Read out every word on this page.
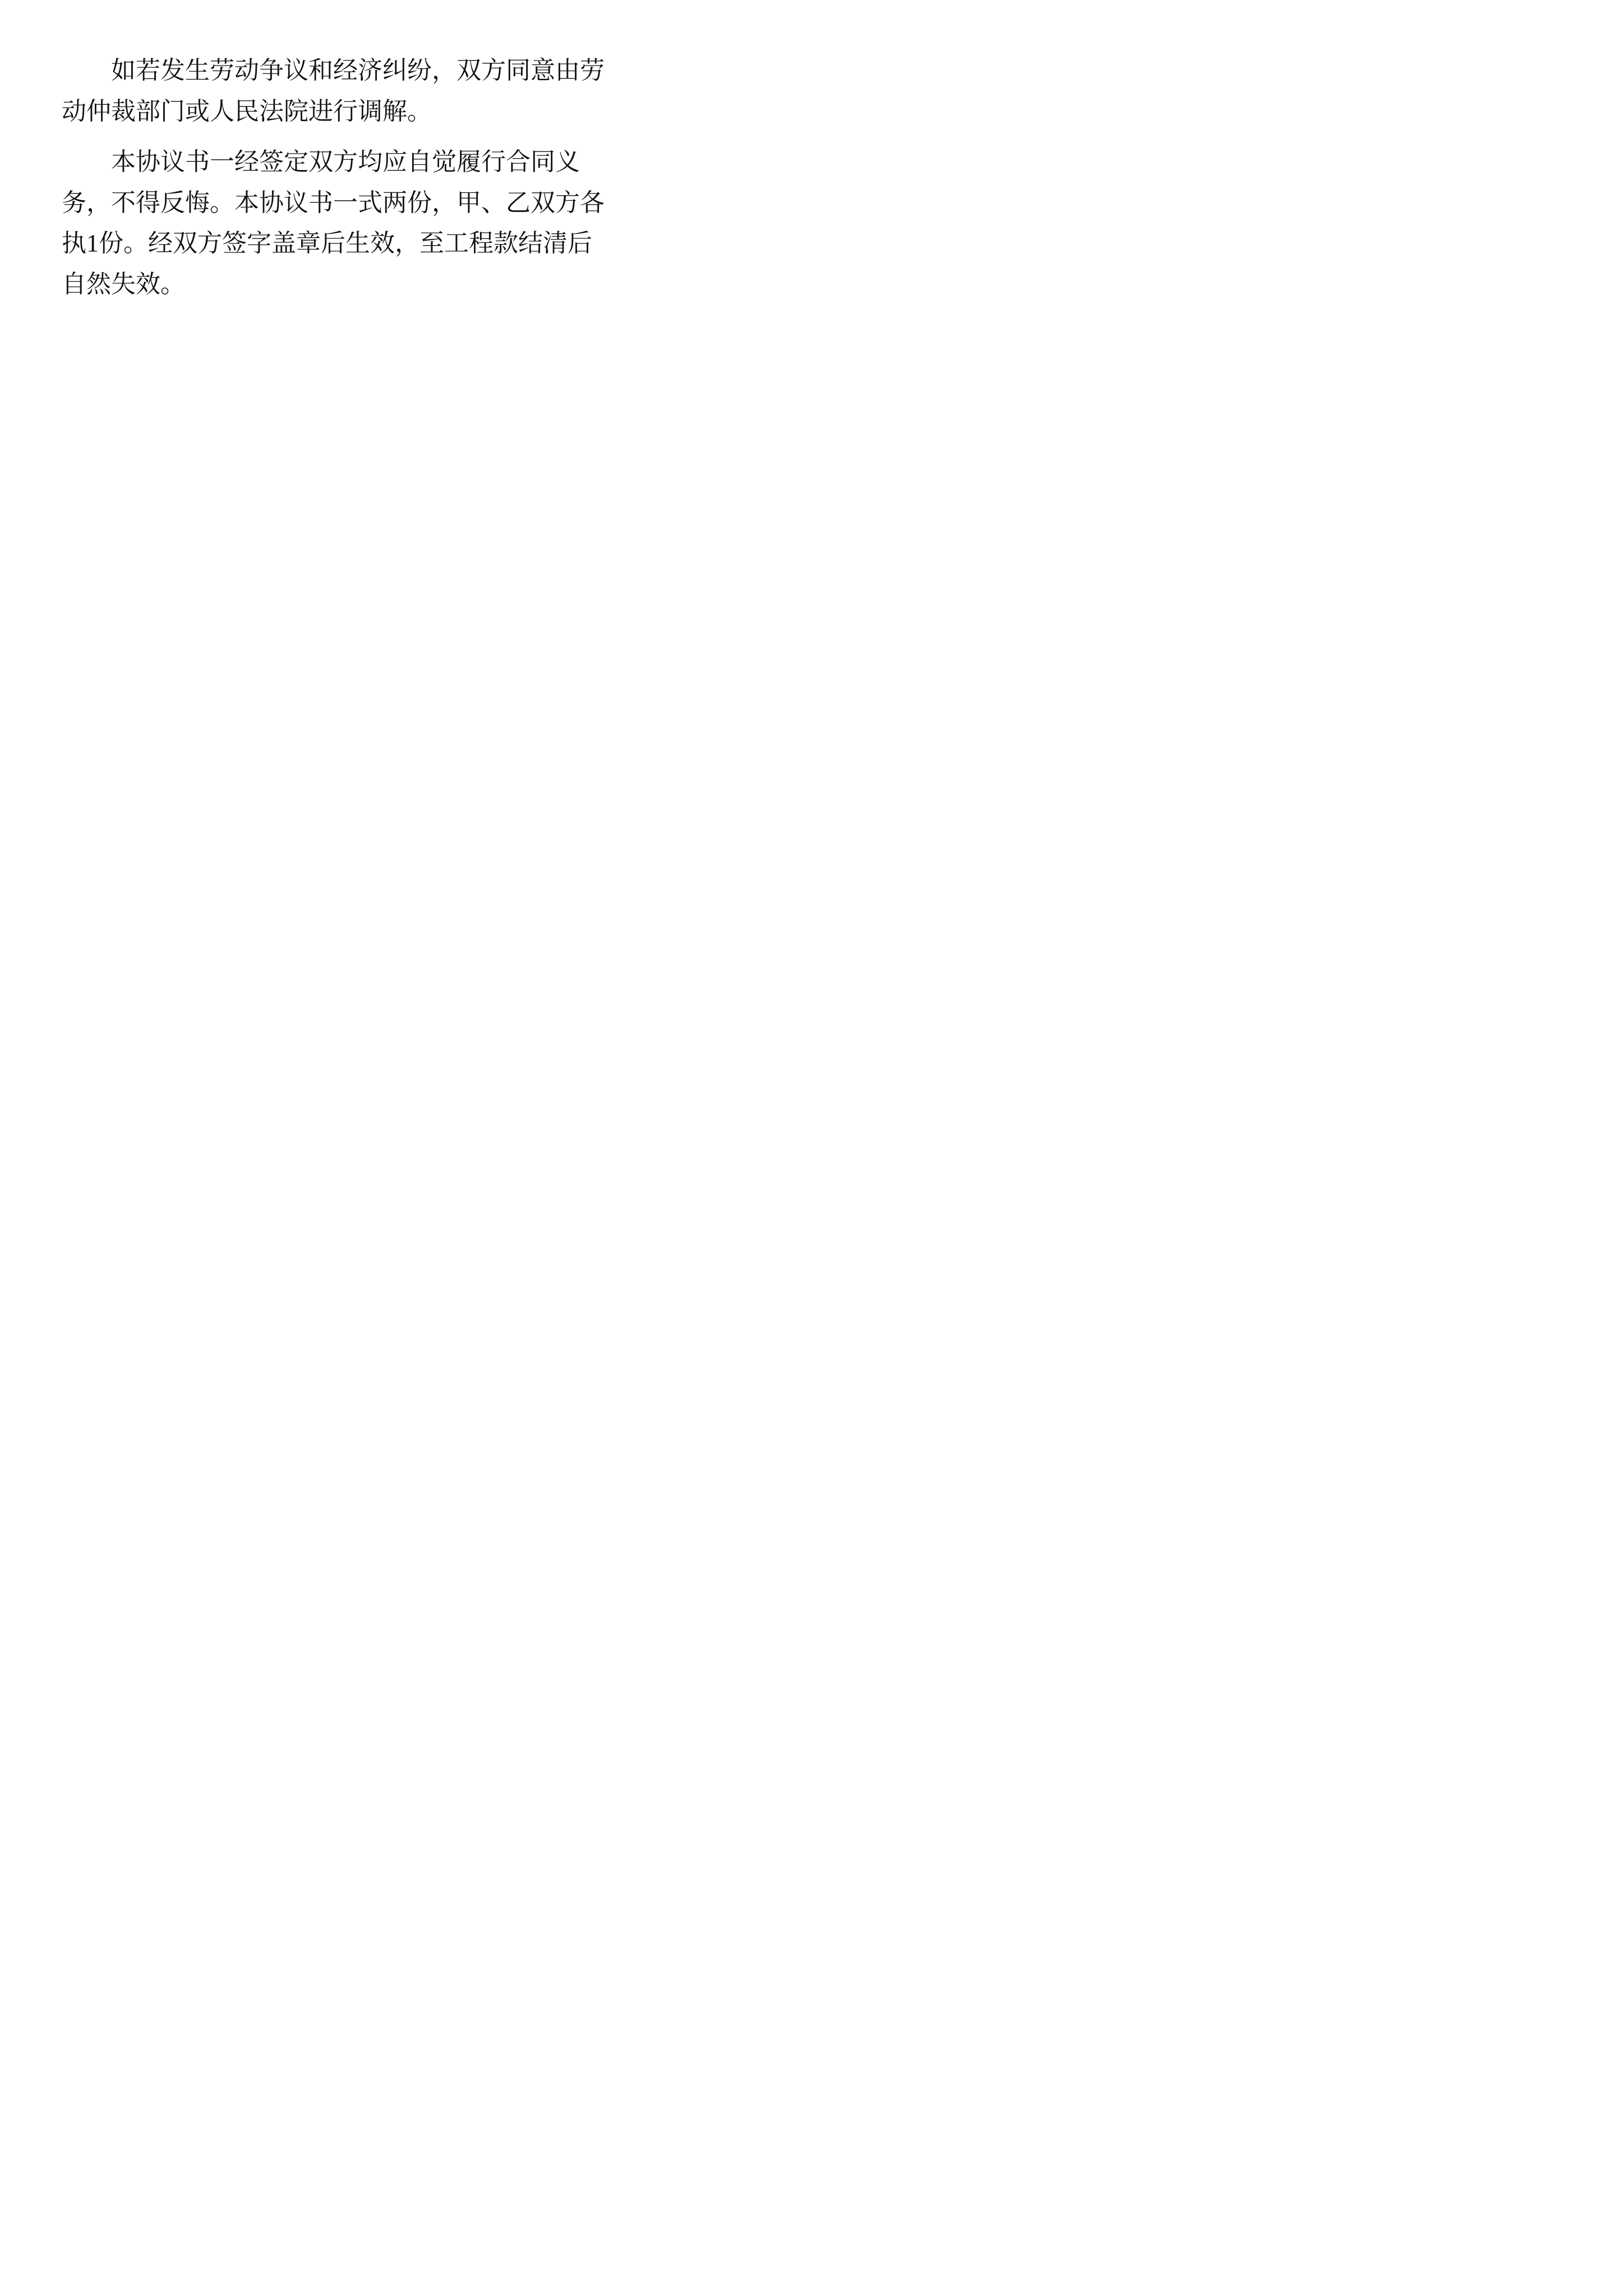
如若发生劳动争议和经济纠纷，双方同意由劳动仲裁部门或人民法院进行调解。

本协议书一经签定双方均应自觉履行合同义务，不得反悔。本协议书一式两份，甲、乙双方各执1份。经双方签字盖章后生效，至工程款结清后自然失效。
